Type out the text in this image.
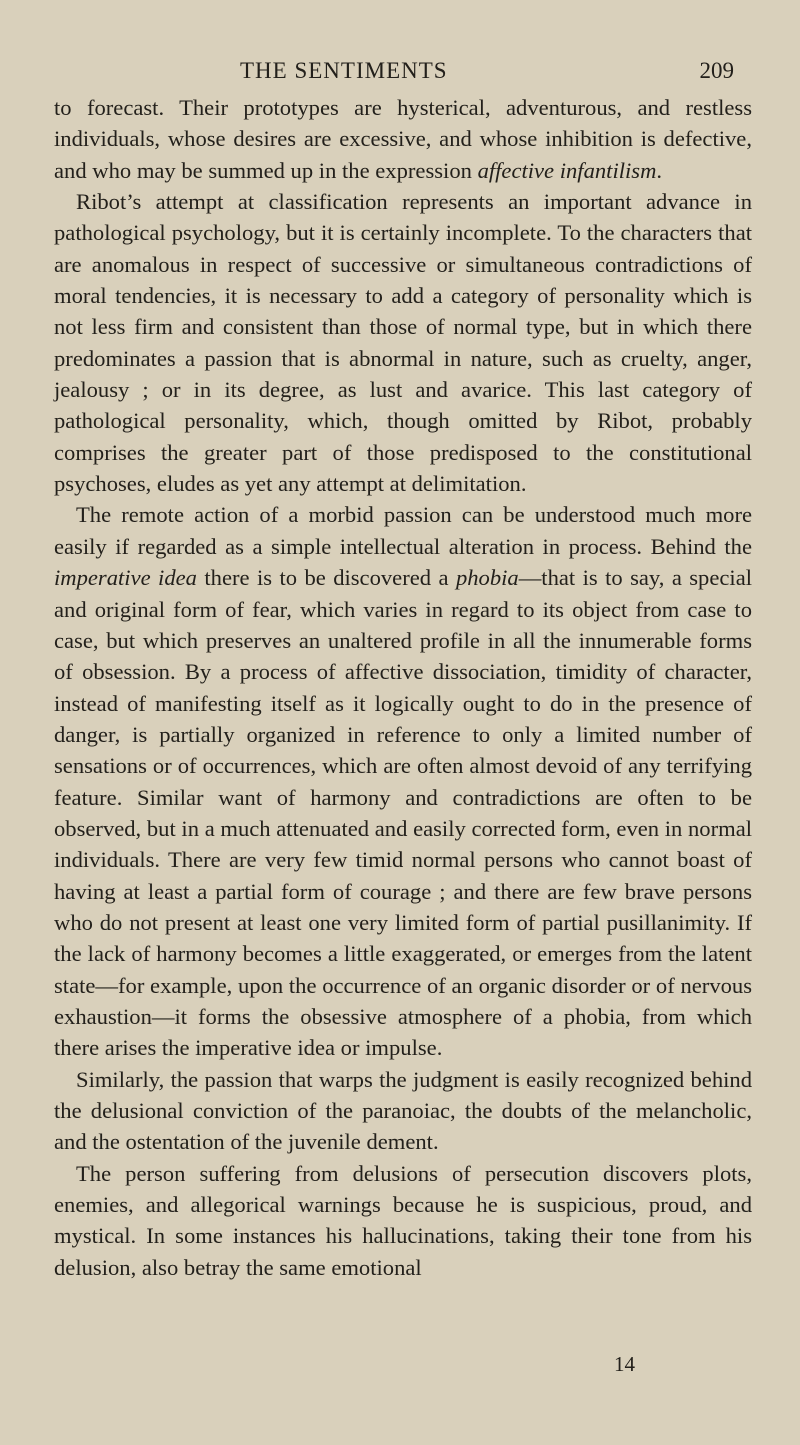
THE SENTIMENTS	209

to forecast. Their prototypes are hysterical, adventurous, and restless individuals, whose desires are excessive, and whose inhibition is defective, and who may be summed up in the expression affective infantilism.

Ribot’s attempt at classification represents an important advance in pathological psychology, but it is certainly incomplete. To the characters that are anomalous in respect of successive or simultaneous contradictions of moral tendencies, it is necessary to add a category of personality which is not less firm and consistent than those of normal type, but in which there predominates a passion that is abnormal in nature, such as cruelty, anger, jealousy ; or in its degree, as lust and avarice. This last category of pathological personality, which, though omitted by Ribot, probably comprises the greater part of those predisposed to the constitutional psychoses, eludes as yet any attempt at delimitation.

The remote action of a morbid passion can be understood much more easily if regarded as a simple intellectual alteration in process. Behind the imperative idea there is to be discovered a phobia—that is to say, a special and original form of fear, which varies in regard to its object from case to case, but which preserves an unaltered profile in all the innumerable forms of obsession. By a process of affective dissociation, timidity of character, instead of manifesting itself as it logically ought to do in the presence of danger, is partially organized in reference to only a limited number of sensations or of occurrences, which are often almost devoid of any terrifying feature. Similar want of harmony and contradictions are often to be observed, but in a much attenuated and easily corrected form, even in normal individuals. There are very few timid normal persons who cannot boast of having at least a partial form of courage ; and there are few brave persons who do not present at least one very limited form of partial pusillanimity. If the lack of harmony becomes a little exaggerated, or emerges from the latent state—for example, upon the occurrence of an organic disorder or of nervous exhaustion—it forms the obsessive atmosphere of a phobia, from which there arises the imperative idea or impulse.

Similarly, the passion that warps the judgment is easily recognized behind the delusional conviction of the paranoiac, the doubts of the melancholic, and the ostentation of the juvenile dement.

The person suffering from delusions of persecution discovers plots, enemies, and allegorical warnings because he is suspicious, proud, and mystical. In some instances his hallucinations, taking their tone from his delusion, also betray the same emotional

14
